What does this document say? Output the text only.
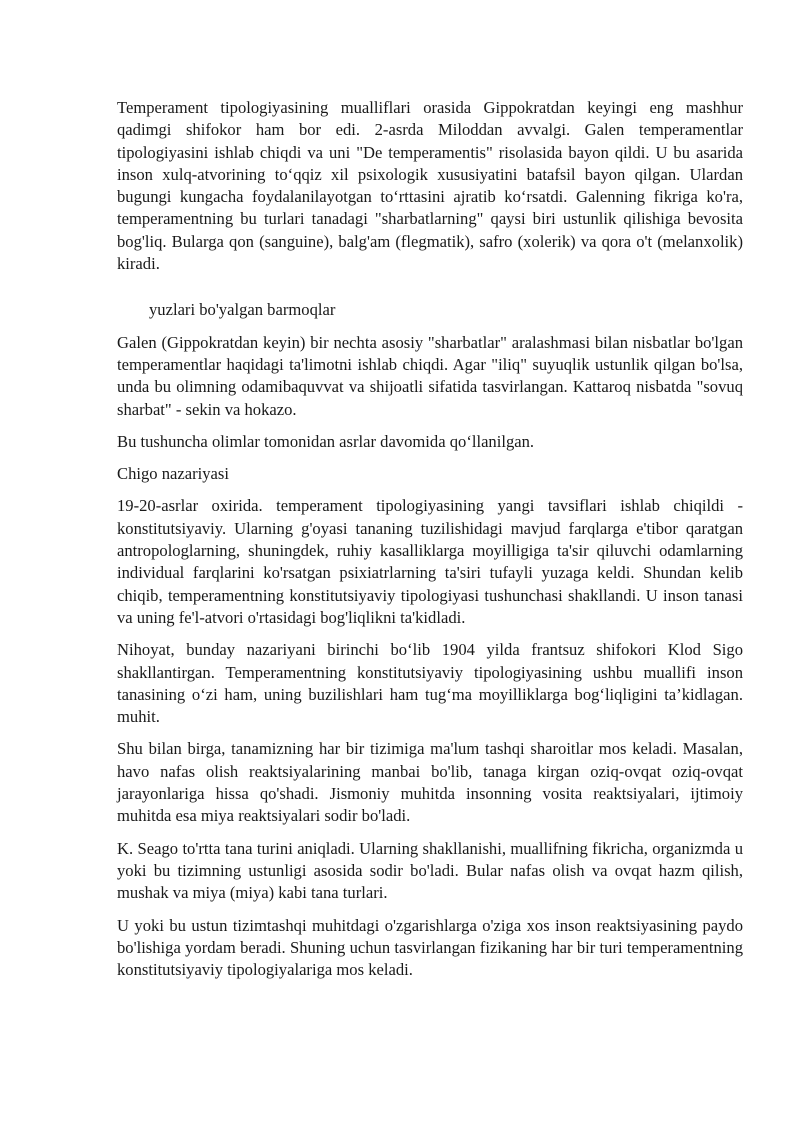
Temperament tipologiyasining mualliflari orasida Gippokratdan keyingi eng mashhur qadimgi shifokor ham bor edi. 2-asrda Miloddan avvalgi. Galen temperamentlar tipologiyasini ishlab chiqdi va uni "De temperamentis" risolasida bayon qildi. U bu asarida inson xulq-atvorining to‘qqiz xil psixologik xususiyatini batafsil bayon qilgan. Ulardan bugungi kungacha foydalanilayotgan to‘rttasini ajratib ko‘rsatdi. Galenning fikriga ko'ra, temperamentning bu turlari tanadagi "sharbatlarning" qaysi biri ustunlik qilishiga bevosita bog'liq. Bularga qon (sanguine), balg'am (flegmatik), safro (xolerik) va qora o't (melanxolik) kiradi.

yuzlari bo'yalgan barmoqlar

Galen (Gippokratdan keyin) bir nechta asosiy "sharbatlar" aralashmasi bilan nisbatlar bo'lgan temperamentlar haqidagi ta'limotni ishlab chiqdi. Agar "iliq" suyuqlik ustunlik qilgan bo'lsa, unda bu olimning odamibaquvvat va shijoatli sifatida tasvirlangan. Kattaroq nisbatda "sovuq sharbat" - sekin va hokazo.

Bu tushuncha olimlar tomonidan asrlar davomida qo‘llanilgan.

Chigo nazariyasi

19-20-asrlar oxirida. temperament tipologiyasining yangi tavsiflari ishlab chiqildi - konstitutsiyaviy. Ularning g'oyasi tananing tuzilishidagi mavjud farqlarga e'tibor qaratgan antropologlarning, shuningdek, ruhiy kasalliklarga moyilligiga ta'sir qiluvchi odamlarning individual farqlarini ko'rsatgan psixiatrlarning ta'siri tufayli yuzaga keldi. Shundan kelib chiqib, temperamentning konstitutsiyaviy tipologiyasi tushunchasi shakllandi. U inson tanasi va uning fe'l-atvori o'rtasidagi bog'liqlikni ta'kidladi.

Nihoyat, bunday nazariyani birinchi bo‘lib 1904 yilda frantsuz shifokori Klod Sigo shakllantirgan. Temperamentning konstitutsiyaviy tipologiyasining ushbu muallifi inson tanasining o‘zi ham, uning buzilishlari ham tug‘ma moyilliklarga bog‘liqligini ta’kidlagan. muhit.

Shu bilan birga, tanamizning har bir tizimiga ma'lum tashqi sharoitlar mos keladi. Masalan, havo nafas olish reaktsiyalarining manbai bo'lib, tanaga kirgan oziq-ovqat oziq-ovqat jarayonlariga hissa qo'shadi. Jismoniy muhitda insonning vosita reaktsiyalari, ijtimoiy muhitda esa miya reaktsiyalari sodir bo'ladi.

K. Seago to'rtta tana turini aniqladi. Ularning shakllanishi, muallifning fikricha, organizmda u yoki bu tizimning ustunligi asosida sodir bo'ladi. Bular nafas olish va ovqat hazm qilish, mushak va miya (miya) kabi tana turlari.

U yoki bu ustun tizimtashqi muhitdagi o'zgarishlarga o'ziga xos inson reaktsiyasining paydo bo'lishiga yordam beradi. Shuning uchun tasvirlangan fizikaning har bir turi temperamentning konstitutsiyaviy tipologiyalariga mos keladi.
